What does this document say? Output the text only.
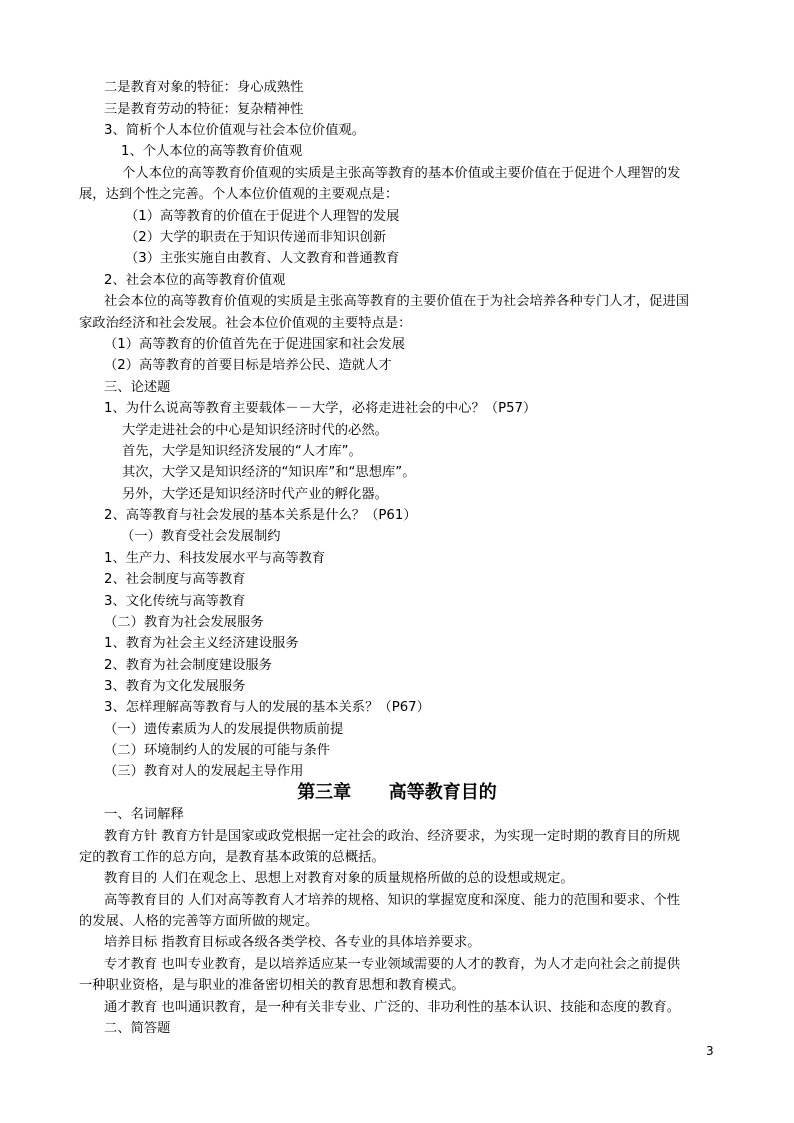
二是教育对象的特征：身心成熟性
三是教育劳动的特征：复杂精神性
3、简析个人本位价值观与社会本位价值观。
1、个人本位的高等教育价值观
个人本位的高等教育价值观的实质是主张高等教育的基本价值或主要价值在于促进个人理智的发
展，达到个性之完善。个人本位价值观的主要观点是：
（1）高等教育的价值在于促进个人理智的发展
（2）大学的职责在于知识传递而非知识创新
（3）主张实施自由教育、人文教育和普通教育
2、社会本位的高等教育价值观
社会本位的高等教育价值观的实质是主张高等教育的主要价值在于为社会培养各种专门人才，促进国
家政治经济和社会发展。社会本位价值观的主要特点是：
（1）高等教育的价值首先在于促进国家和社会发展
（2）高等教育的首要目标是培养公民、造就人才
三、论述题
1、为什么说高等教育主要载体－－大学，必将走进社会的中心？（P57）
大学走进社会的中心是知识经济时代的必然。
首先，大学是知识经济发展的“人才库”。
其次，大学又是知识经济的“知识库”和“思想库”。
另外，大学还是知识经济时代产业的孵化器。
2、高等教育与社会发展的基本关系是什么？（P61）
（一）教育受社会发展制约
1、生产力、科技发展水平与高等教育
2、社会制度与高等教育
3、文化传统与高等教育
（二）教育为社会发展服务
1、教育为社会主义经济建设服务
2、教育为社会制度建设服务
3、教育为文化发展服务
3、怎样理解高等教育与人的发展的基本关系？（P67）
（一）遗传素质为人的发展提供物质前提
（二）环境制约人的发展的可能与条件
（三）教育对人的发展起主导作用
第三章      高等教育目的
一、名词解释
教育方针 教育方针是国家或政党根据一定社会的政治、经济要求，为实现一定时期的教育目的所规
定的教育工作的总方向，是教育基本政策的总概括。
教育目的 人们在观念上、思想上对教育对象的质量规格所做的总的设想或规定。
高等教育目的 人们对高等教育人才培养的规格、知识的掌握宽度和深度、能力的范围和要求、个性
的发展、人格的完善等方面所做的规定。
培养目标 指教育目标或各级各类学校、各专业的具体培养要求。
专才教育 也叫专业教育，是以培养适应某一专业领域需要的人才的教育，为人才走向社会之前提供
一种职业资格，是与职业的准备密切相关的教育思想和教育模式。
通才教育 也叫通识教育，是一种有关非专业、广泛的、非功利性的基本认识、技能和态度的教育。
二、简答题
3
